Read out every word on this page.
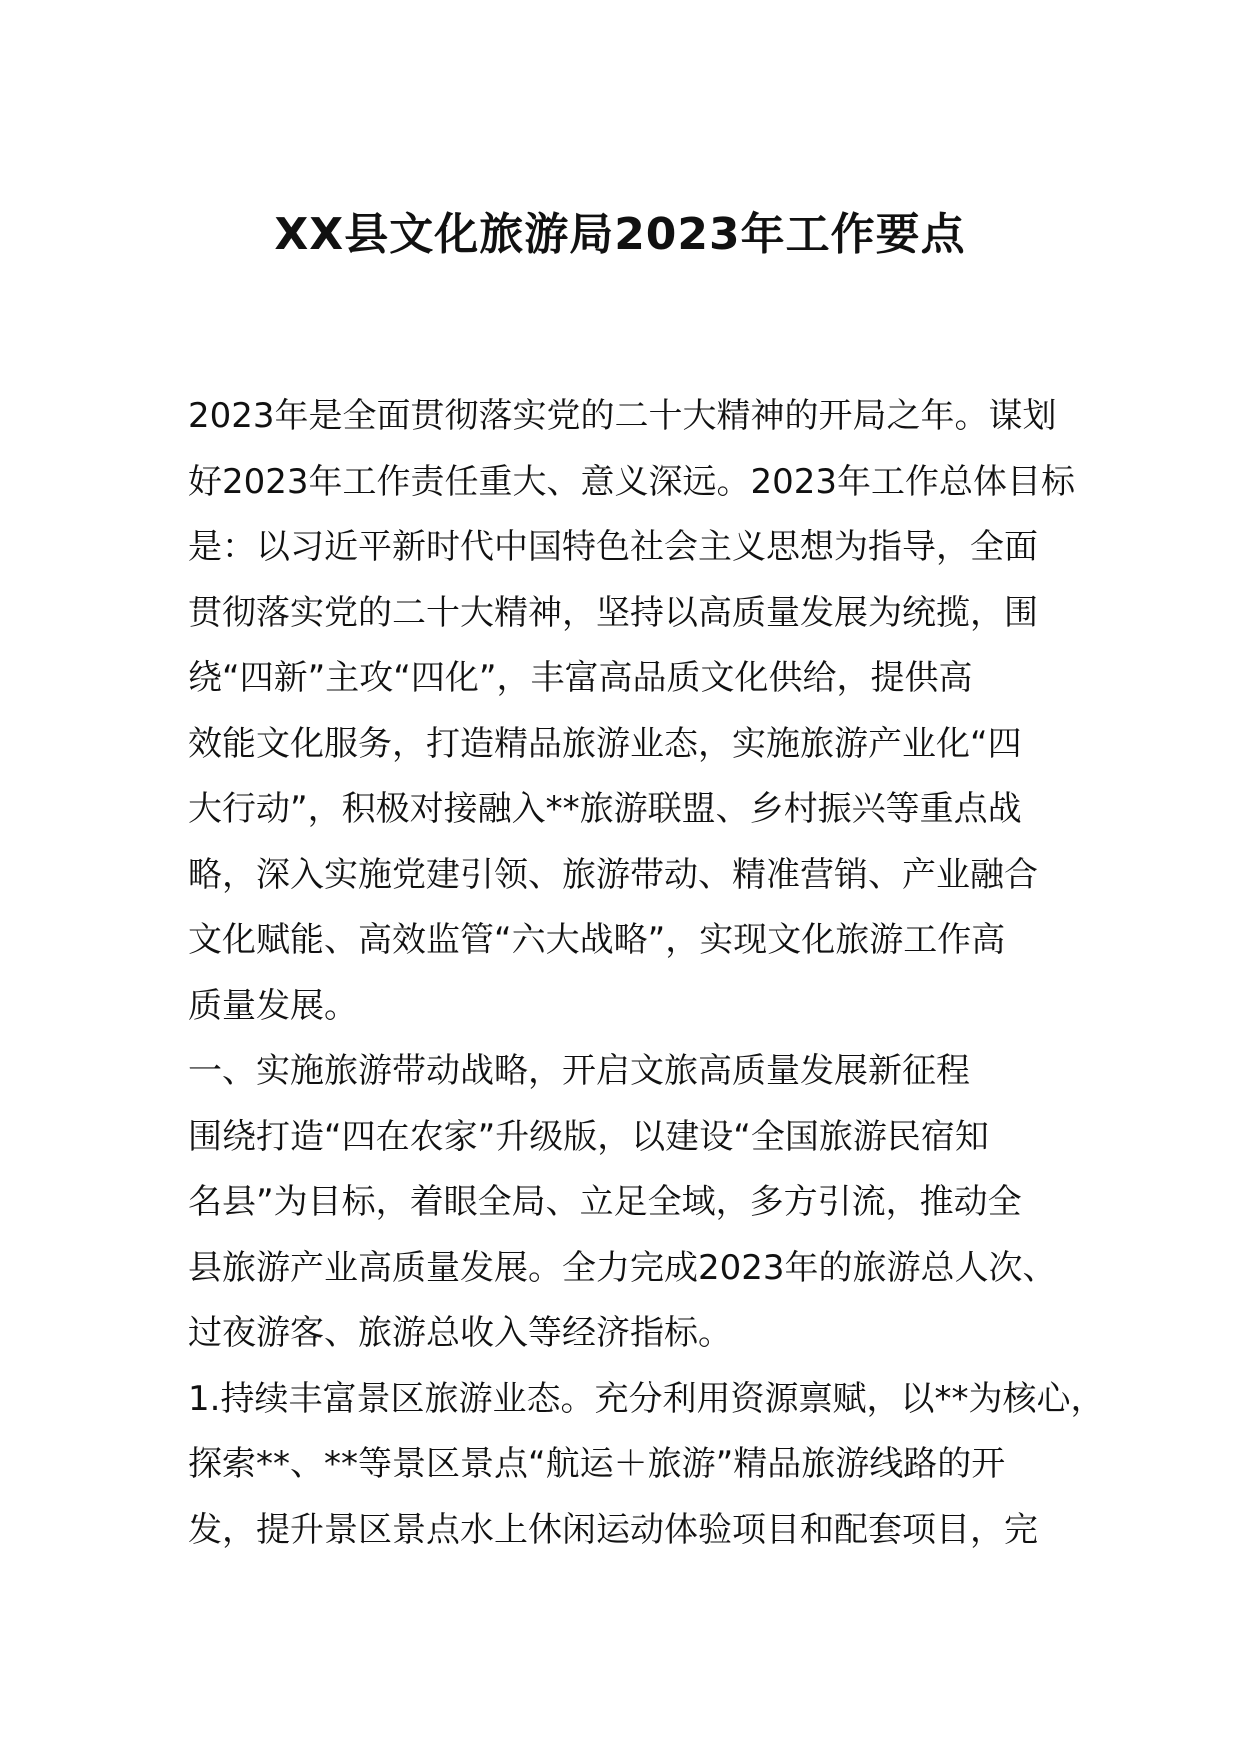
XX县文化旅游局2023年工作要点

2023年是全面贯彻落实党的二十大精神的开局之年。谋划

好2023年工作责任重大、意义深远。2023年工作总体目标

是：以习近平新时代中国特色社会主义思想为指导，全面

贯彻落实党的二十大精神，坚持以高质量发展为统揽，围

绕“四新”主攻“四化”，丰富高品质文化供给，提供高

效能文化服务，打造精品旅游业态，实施旅游产业化“四

大行动”，积极对接融入**旅游联盟、乡村振兴等重点战

略，深入实施党建引领、旅游带动、精准营销、产业融合

文化赋能、高效监管“六大战略”，实现文化旅游工作高

质量发展。

一、实施旅游带动战略，开启文旅高质量发展新征程

围绕打造“四在农家”升级版，以建设“全国旅游民宿知

名县”为目标，着眼全局、立足全域，多方引流，推动全

县旅游产业高质量发展。全力完成2023年的旅游总人次、

过夜游客、旅游总收入等经济指标。

1.持续丰富景区旅游业态。充分利用资源禀赋，以**为核心，

探索**、**等景区景点“航运＋旅游”精品旅游线路的开

发，提升景区景点水上休闲运动体验项目和配套项目，完
